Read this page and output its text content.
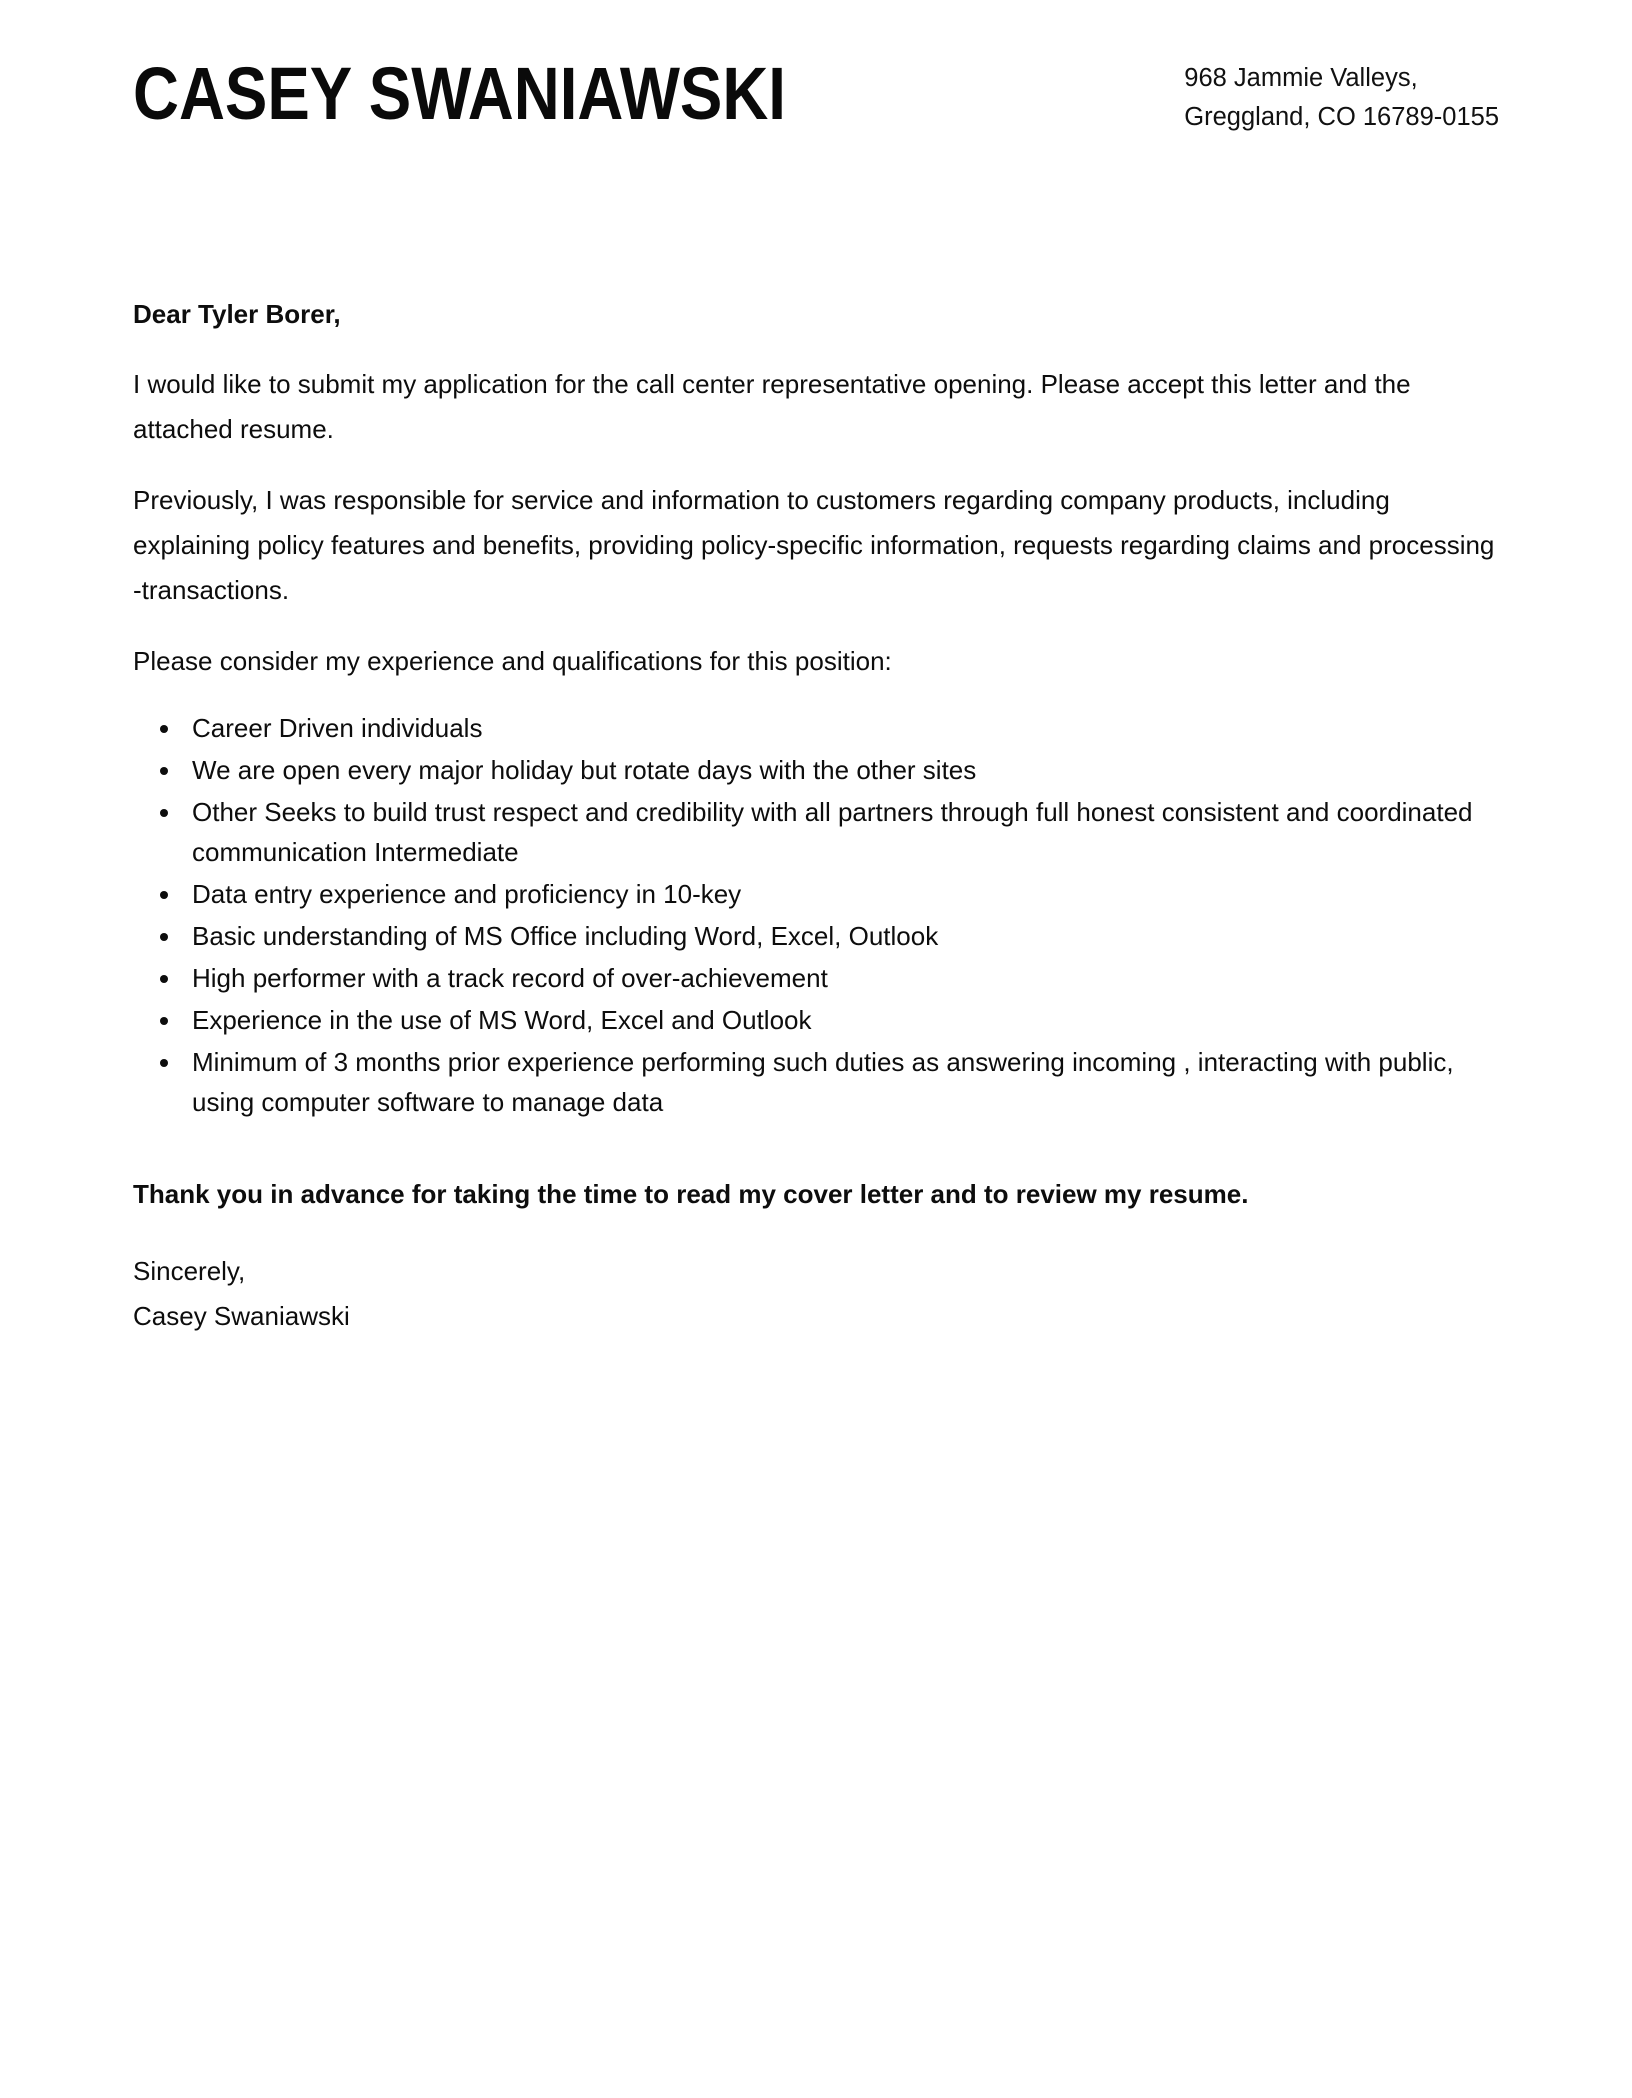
CASEY SWANIAWSKI	968 Jammie Valleys,
Greggland, CO 16789-0155

Dear Tyler Borer,

I would like to submit my application for the call center representative opening. Please accept this letter and the attached resume.

Previously, I was responsible for service and information to customers regarding company products, including explaining policy features and benefits, providing policy-specific information, requests regarding claims and processing -transactions.

Please consider my experience and qualifications for this position:

• Career Driven individuals
• We are open every major holiday but rotate days with the other sites
• Other Seeks to build trust respect and credibility with all partners through full honest consistent and coordinated communication Intermediate
• Data entry experience and proficiency in 10-key
• Basic understanding of MS Office including Word, Excel, Outlook
• High performer with a track record of over-achievement
• Experience in the use of MS Word, Excel and Outlook
• Minimum of 3 months prior experience performing such duties as answering incoming , interacting with public, using computer software to manage data

Thank you in advance for taking the time to read my cover letter and to review my resume.

Sincerely,
Casey Swaniawski
